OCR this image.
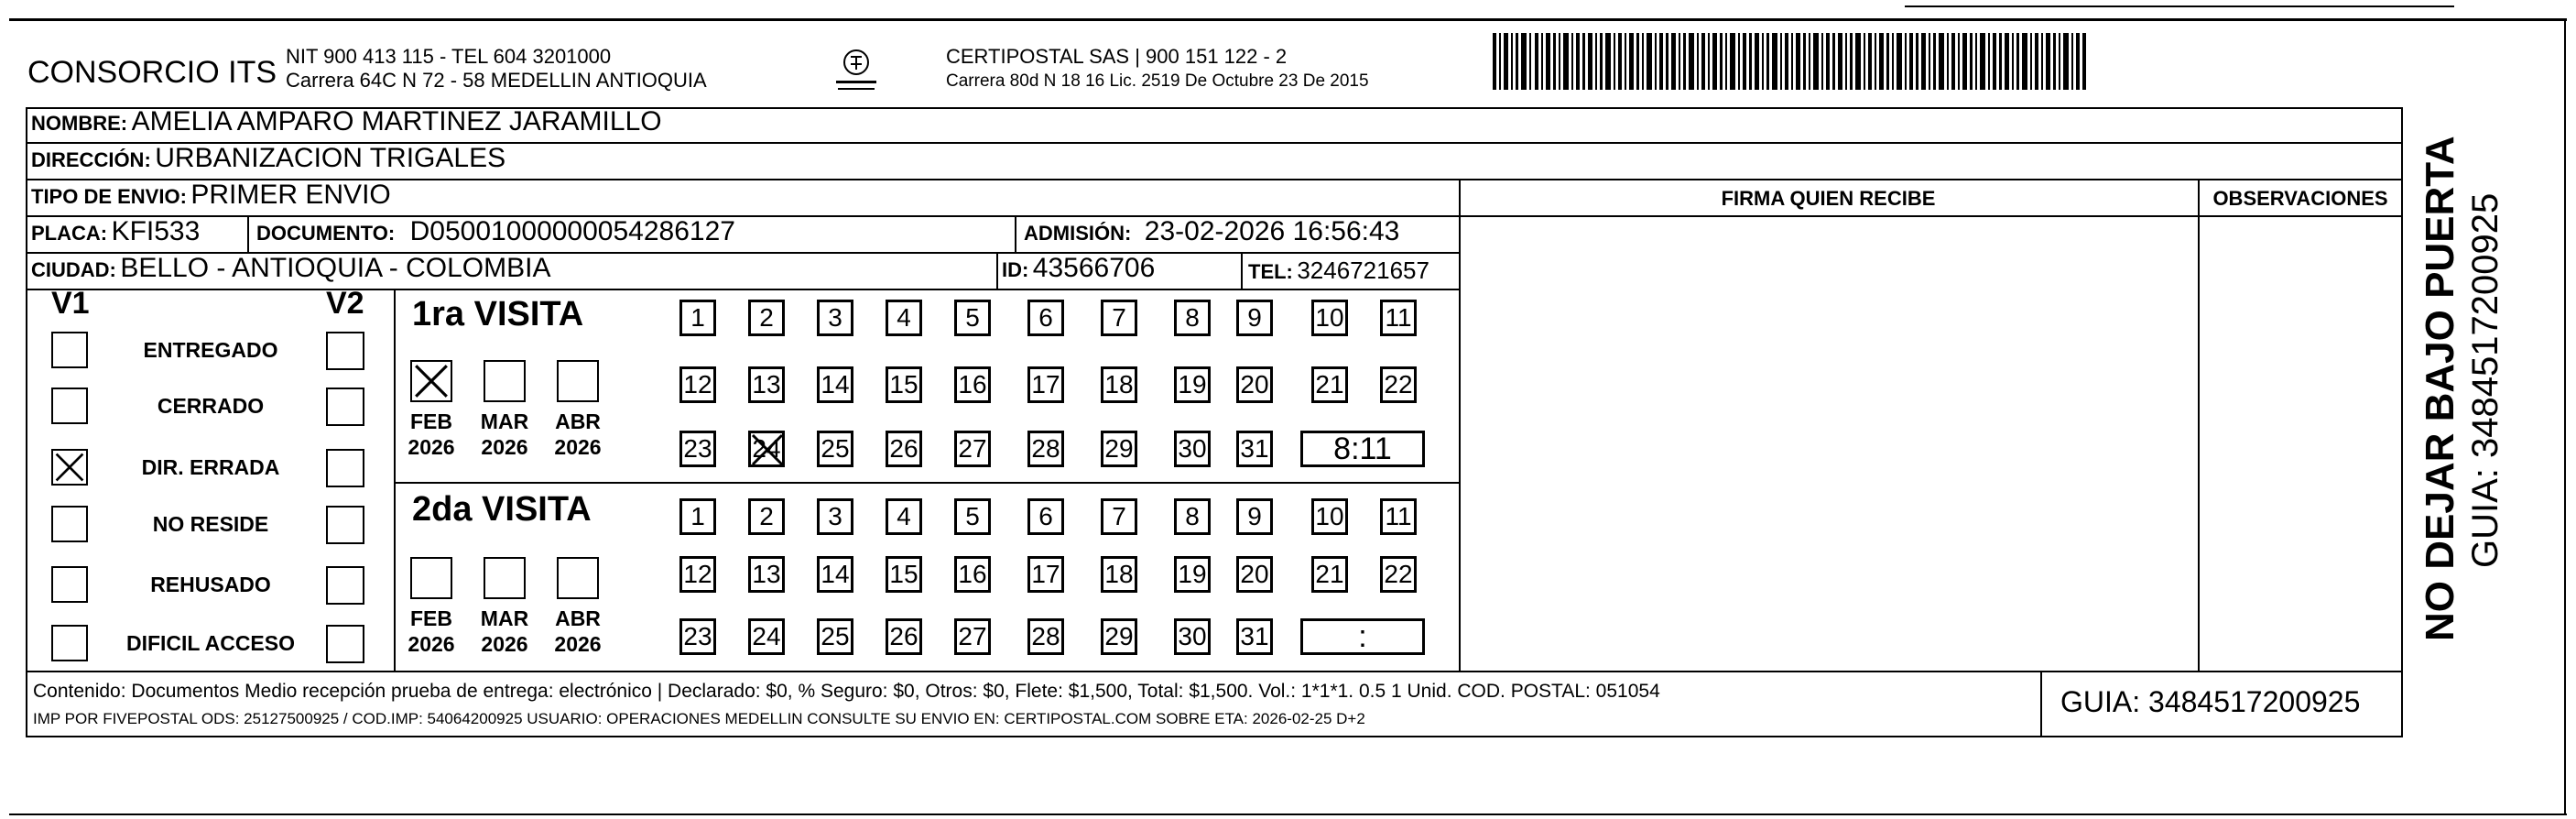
CONSORCIO ITS NIT 900 413 115 - TEL 604 3201000
Carrera 64C N 72 - 58 MEDELLIN ANTIOQUIA
CERTIPOSTAL SAS | 900 151 122 - 2
Carrera 80d N 18 16 Lic. 2519 De Octubre 23 De 2015
NOMBRE: AMELIA AMPARO MARTINEZ JARAMILLO
DIRECCIÓN: URBANIZACION TRIGALES
TIPO DE ENVIO: PRIMER ENVIO
PLACA: KFI533	DOCUMENTO: D05001000000054286127	ADMISIÓN: 23-02-2026 16:56:43
CIUDAD: BELLO - ANTIOQUIA - COLOMBIA	ID: 43566706	TEL: 3246721657
FIRMA QUIEN RECIBE	OBSERVACIONES
V1	V2
ENTREGADO
CERRADO
DIR. ERRADA
NO RESIDE
REHUSADO
DIFICIL ACCESO
1ra VISITA
FEB
2026
MAR
2026
ABR
2026
1	2	3	4	5	6	7	8	9	10 11
12 13 14 15 16 17 18 19 20 21 22
23 24 25 26 27 28 29 30 31	8:11
2da VISITA
FEB
2026
MAR
2026
ABR
2026
1	2	3	4	5	6	7	8	9	10 11
12 13 14 15 16 17 18 19 20 21 22
23 24 25 26 27 28 29 30 31	:
Contenido: Documentos Medio recepción prueba de entrega: electrónico | Declarado: $0, % Seguro: $0, Otros: $0, Flete: $1,500, Total: $1,500. Vol.: 1*1*1. 0.5 1 Unid. COD. POSTAL: 051054
IMP POR FIVEPOSTAL ODS: 25127500925 / COD.IMP: 54064200925 USUARIO: OPERACIONES MEDELLIN CONSULTE SU ENVIO EN: CERTIPOSTAL.COM SOBRE ETA: 2026-02-25 D+2
GUIA: 3484517200925
NO DEJAR BAJO PUERTA GUIA: 3484517200925
